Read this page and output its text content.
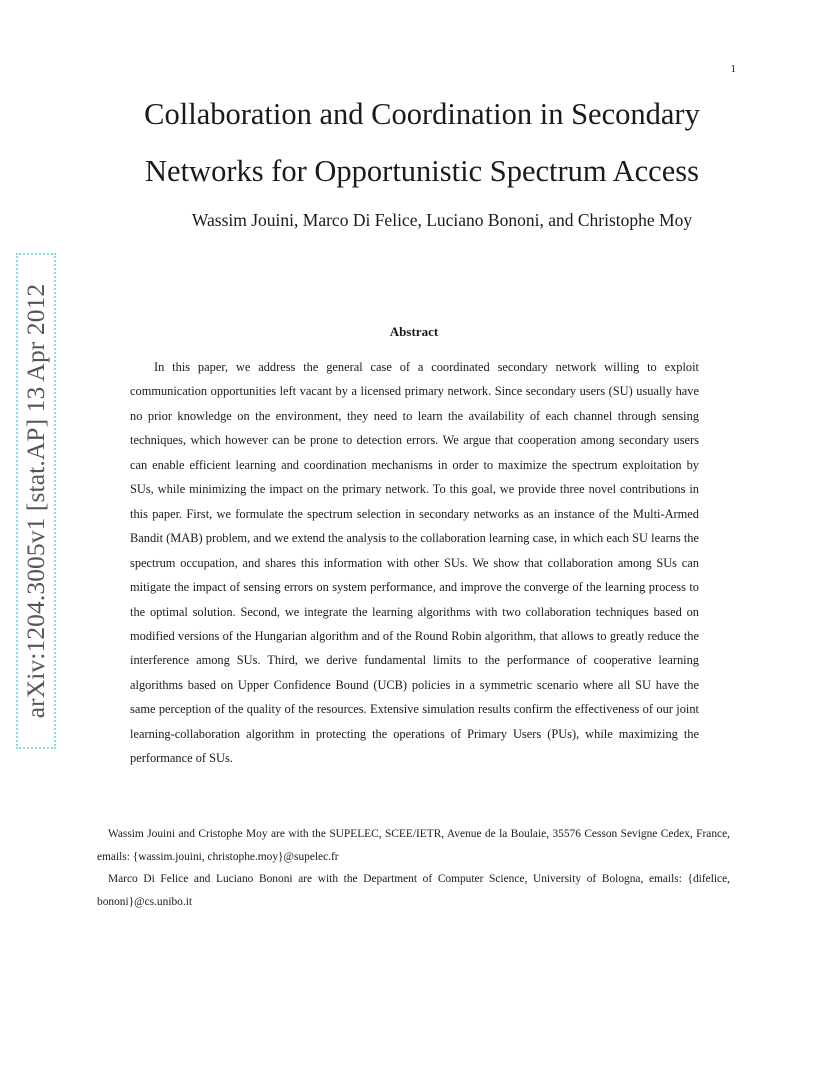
1
Collaboration and Coordination in Secondary
Networks for Opportunistic Spectrum Access
Wassim Jouini, Marco Di Felice, Luciano Bononi, and Christophe Moy
arXiv:1204.3005v1 [stat.AP] 13 Apr 2012	Abstract

In this paper, we address the general case of a coordinated secondary network willing to exploit communication opportunities left vacant by a licensed primary network. Since secondary users (SU) usually have no prior knowledge on the environment, they need to learn the availability of each channel through sensing techniques, which however can be prone to detection errors. We argue that cooperation among secondary users can enable efficient learning and coordination mechanisms in order to maximize the spectrum exploitation by SUs, while minimizing the impact on the primary network. To this goal, we provide three novel contributions in this paper. First, we formulate the spectrum selection in secondary networks as an instance of the Multi-Armed Bandit (MAB) problem, and we extend the analysis to the collaboration learning case, in which each SU learns the spectrum occupation, and shares this information with other SUs. We show that collaboration among SUs can mitigate the impact of sensing errors on system performance, and improve the converge of the learning process to the optimal solution. Second, we integrate the learning algorithms with two collaboration techniques based on modified versions of the Hungarian algorithm and of the Round Robin algorithm, that allows to greatly reduce the interference among SUs. Third, we derive fundamental limits to the performance of cooperative learning algorithms based on Upper Confidence Bound (UCB) policies in a symmetric scenario where all SU have the same perception of the quality of the resources. Extensive simulation results confirm the effectiveness of our joint learning-collaboration algorithm in protecting the operations of Primary Users (PUs), while maximizing the performance of SUs.

Wassim Jouini and Cristophe Moy are with the SUPELEC, SCEE/IETR, Avenue de la Boulaie, 35576 Cesson Sevigne Cedex, France, emails: {wassim.jouini, christophe.moy}@supelec.fr

Marco Di Felice and Luciano Bononi are with the Department of Computer Science, University of Bologna, emails: {difelice, bononi}@cs.unibo.it
